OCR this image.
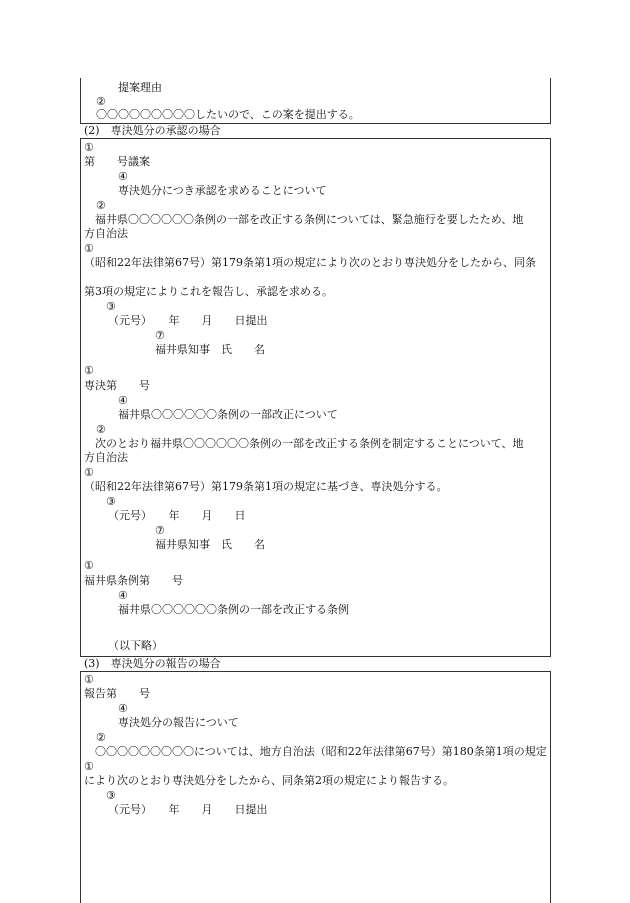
提案理由
②
〇〇〇〇〇〇〇〇〇したいので、この案を提出する。
(2)　専決処分の承認の場合
①
第　　号議案
④
専決処分につき承認を求めることについて
②
　福井県〇〇〇〇〇〇条例の一部を改正する条例については、緊急施行を要したため、地
方自治法
①
（昭和22年法律第67号）第179条第1項の規定により次のとおり専決処分をしたから、同条
第3項の規定によりこれを報告し、承認を求める。
③
（元号）　　年　　月　　日提出
⑦
福井県知事　氏　　名
①
専決第　　号
④
福井県〇〇〇〇〇〇条例の一部改正について
②
　次のとおり福井県〇〇〇〇〇〇条例の一部を改正する条例を制定することについて、地
方自治法
①
（昭和22年法律第67号）第179条第1項の規定に基づき、専決処分する。
③
（元号）　　年　　月　　日
⑦
福井県知事　氏　　名
①
福井県条例第　　号
④
福井県〇〇〇〇〇〇条例の一部を改正する条例
（以下略）
(3)　専決処分の報告の場合
①
報告第　　号
④
専決処分の報告について
②
　〇〇〇〇〇〇〇〇〇については、地方自治法（昭和22年法律第67号）第180条第1項の規定
①
により次のとおり専決処分をしたから、同条第2項の規定により報告する。
③
（元号）　　年　　月　　日提出
